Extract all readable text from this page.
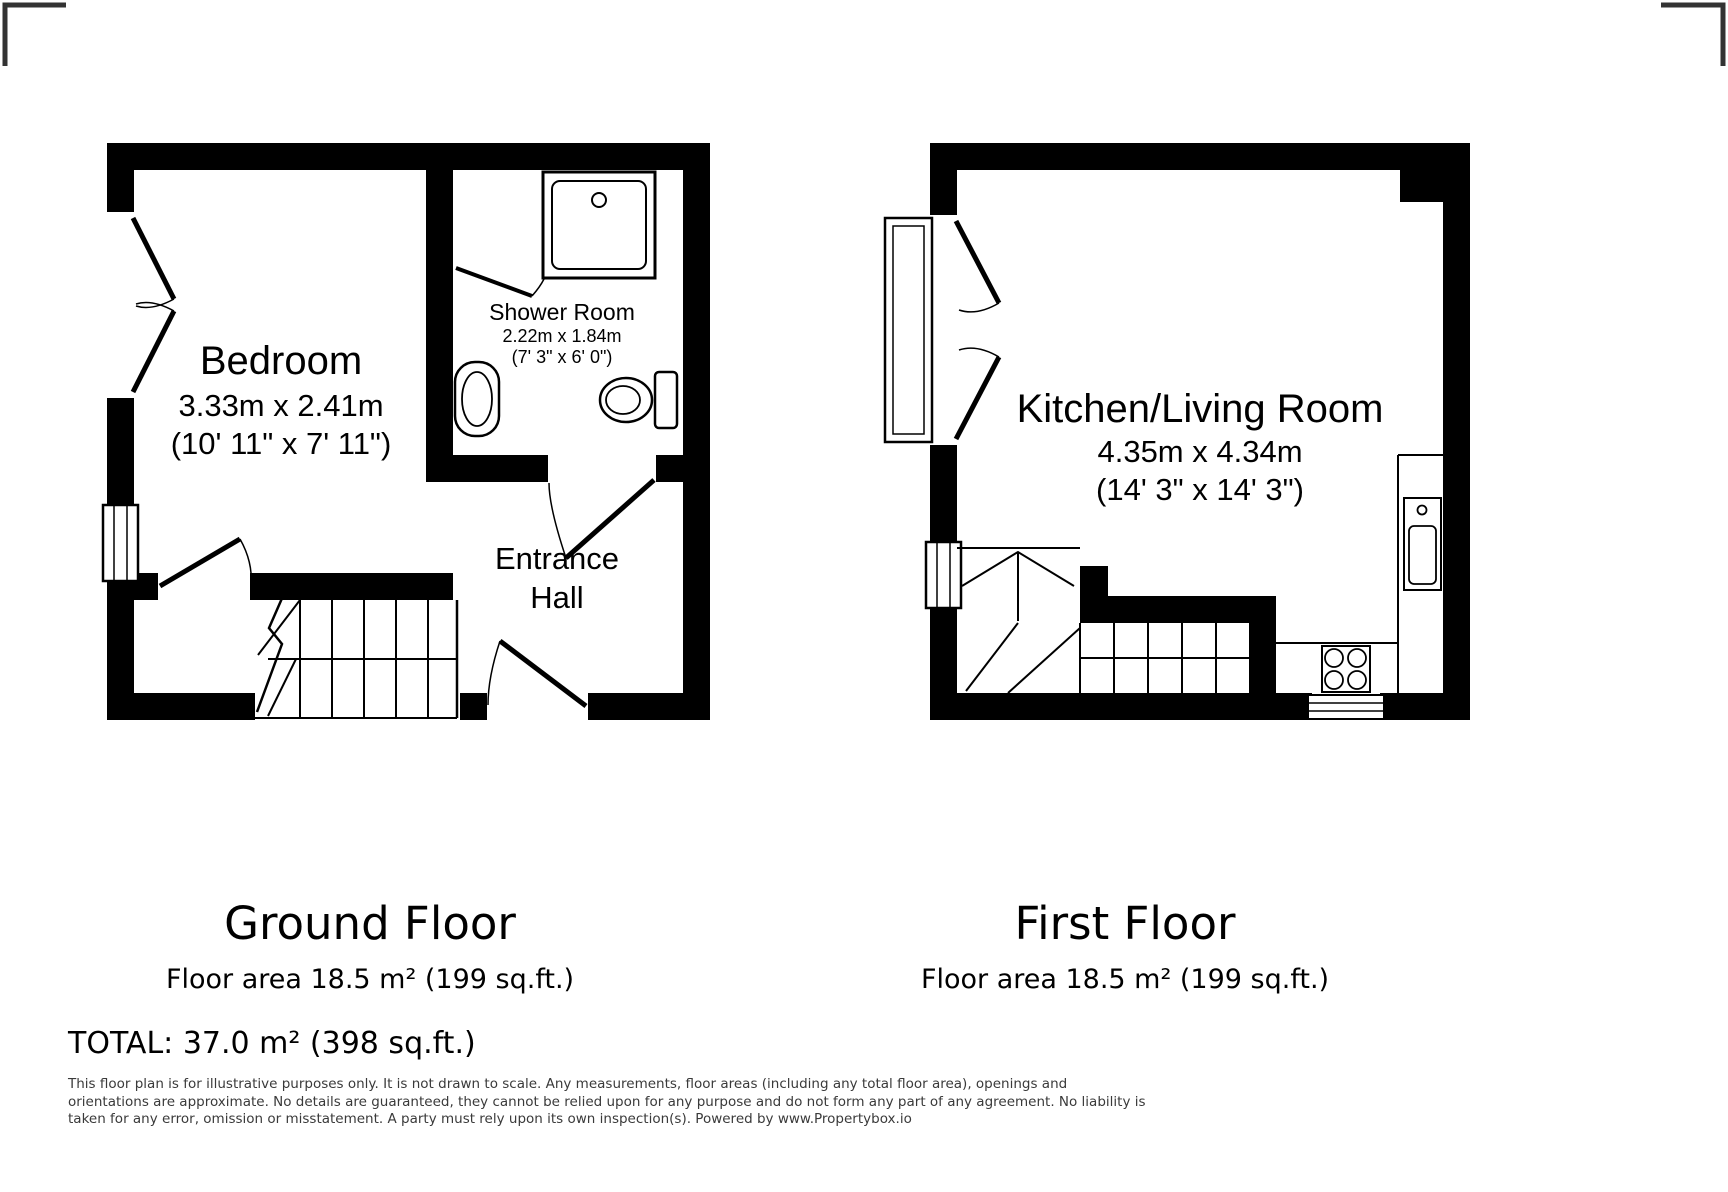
Bedroom
3.33m x 2.41m
(10' 11" x 7' 11")
Shower Room
2.22m x 1.84m
(7' 3" x 6' 0")
Entrance
Hall
Kitchen/Living Room
4.35m x 4.34m
(14' 3" x 14' 3")
Ground Floor
Floor area 18.5 m² (199 sq.ft.)
First Floor
Floor area 18.5 m² (199 sq.ft.)
TOTAL: 37.0 m² (398 sq.ft.)
This floor plan is for illustrative purposes only. It is not drawn to scale. Any measurements, floor areas (including any total floor area), openings and
orientations are approximate. No details are guaranteed, they cannot be relied upon for any purpose and do not form any part of any agreement. No liability is
taken for any error, omission or misstatement. A party must rely upon its own inspection(s). Powered by www.Propertybox.io
